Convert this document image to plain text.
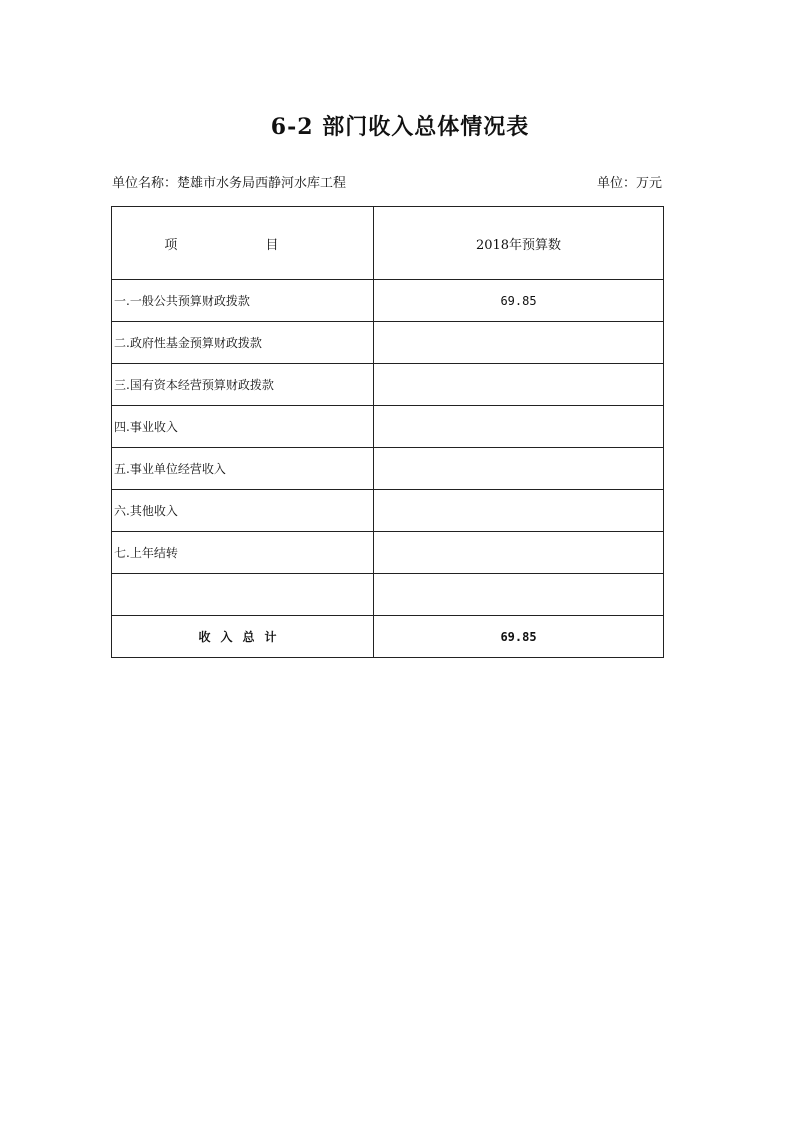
6-2 部门收入总体情况表
单位名称：楚雄市水务局西静河水库工程	单位：万元
项 目	2018年预算数
一.一般公共预算财政拨款	69.85
二.政府性基金预算财政拨款	
三.国有资本经营预算财政拨款	
四.事业收入	
五.事业单位经营收入	
六.其他收入	
七.上年结转	

收入总计	69.85
